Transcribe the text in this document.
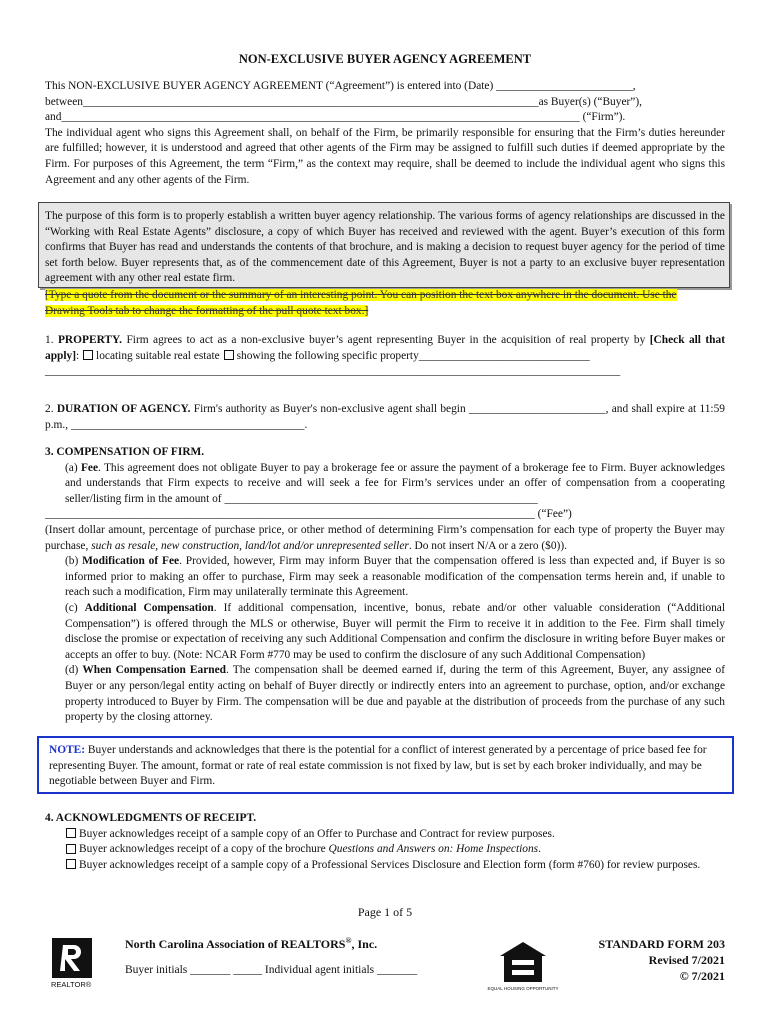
NON-EXCLUSIVE BUYER AGENCY AGREEMENT
This NON-EXCLUSIVE BUYER AGENCY AGREEMENT (“Agreement”) is entered into (Date) ________________________,
between________________________________________________________________________________as Buyer(s) (“Buyer”),
and___________________________________________________________________________________________ (“Firm”).
The individual agent who signs this Agreement shall, on behalf of the Firm, be primarily responsible for ensuring that the Firm’s duties hereunder are fulfilled; however, it is understood and agreed that other agents of the Firm may be assigned to fulfill such duties if deemed appropriate by the Firm. For purposes of this Agreement, the term “Firm,” as the context may require, shall be deemed to include the individual agent who signs this Agreement and any other agents of the Firm.
The purpose of this form is to properly establish a written buyer agency relationship. The various forms of agency relationships are discussed in the “Working with Real Estate Agents” disclosure, a copy of which Buyer has received and reviewed with the agent. Buyer’s execution of this form confirms that Buyer has read and understands the contents of that brochure, and is making a decision to request buyer agency for the period of time set forth below. Buyer represents that, as of the commencement date of this Agreement, Buyer is not a party to an exclusive buyer representation agreement with any other real estate firm.
[Type a quote from the document or the summary of an interesting point. You can position the text box anywhere in the document. Use the Drawing Tools tab to change the formatting of the pull quote text box.]
1. PROPERTY. Firm agrees to act as a non-exclusive buyer’s agent representing Buyer in the acquisition of real property by [Check all that apply]: locating suitable real estate showing the following specific property______________________________
_____________________________________________________________________________________________________
2. DURATION OF AGENCY. Firm's authority as Buyer's non-exclusive agent shall begin ________________________, and shall expire at 11:59 p.m., _________________________________________.
3. COMPENSATION OF FIRM.
(a) Fee. This agreement does not obligate Buyer to pay a brokerage fee or assure the payment of a brokerage fee to Firm. Buyer acknowledges and understands that Firm expects to receive and will seek a fee for Firm’s services under an offer of compensation from a cooperating seller/listing firm in the amount of _______________________________________________________
______________________________________________________________________________________ (“Fee”)
(Insert dollar amount, percentage of purchase price, or other method of determining Firm’s compensation for each type of property the Buyer may purchase, such as resale, new construction, land/lot and/or unrepresented seller. Do not insert N/A or a zero ($0)).
(b) Modification of Fee. Provided, however, Firm may inform Buyer that the compensation offered is less than expected and, if Buyer is so informed prior to making an offer to purchase, Firm may seek a reasonable modification of the compensation terms herein and, if unable to reach such a modification, Firm may unilaterally terminate this Agreement.
(c) Additional Compensation. If additional compensation, incentive, bonus, rebate and/or other valuable consideration (“Additional Compensation”) is offered through the MLS or otherwise, Buyer will permit the Firm to receive it in addition to the Fee. Firm shall timely disclose the promise or expectation of receiving any such Additional Compensation and confirm the disclosure in writing before Buyer makes or accepts an offer to buy. (Note: NCAR Form #770 may be used to confirm the disclosure of any such Additional Compensation)
(d) When Compensation Earned. The compensation shall be deemed earned if, during the term of this Agreement, Buyer, any assignee of Buyer or any person/legal entity acting on behalf of Buyer directly or indirectly enters into an agreement to purchase, option, and/or exchange property introduced to Buyer by Firm. The compensation will be due and payable at the distribution of proceeds from the purchase of any such property by the closing attorney.
NOTE: Buyer understands and acknowledges that there is the potential for a conflict of interest generated by a percentage of price based fee for representing Buyer. The amount, format or rate of real estate commission is not fixed by law, but is set by each broker individually, and may be negotiable between Buyer and Firm.
4. ACKNOWLEDGMENTS OF RECEIPT.
Buyer acknowledges receipt of a sample copy of an Offer to Purchase and Contract for review purposes.
Buyer acknowledges receipt of a copy of the brochure Questions and Answers on: Home Inspections.
Buyer acknowledges receipt of a sample copy of a Professional Services Disclosure and Election form (form #760) for review purposes.
Page 1 of 5
REALTOR®
North Carolina Association of REALTORS®, Inc.
Buyer initials _______ _____ Individual agent initials _______
EQUAL HOUSING OPPORTUNITY
STANDARD FORM 203
Revised 7/2021
© 7/2021
